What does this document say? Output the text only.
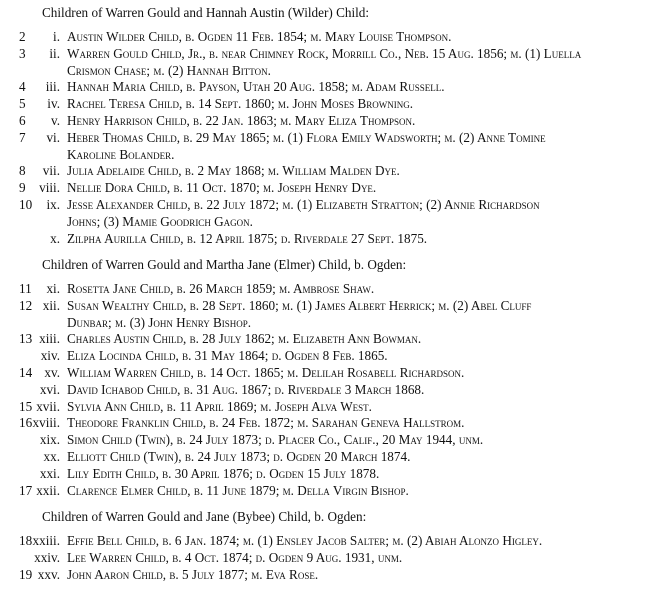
Children of Warren Gould and Hannah Austin (Wilder) Child:
2	i. Austin Wilder Child, b. Ogden 11 Feb. 1854; m. Mary Louise Thompson.
3	ii. Warren Gould Child, Jr., b. near Chimney Rock, Morrill Co., Neb. 15 Aug. 1856; m. (1) Luella
Crismon Chase; m. (2) Hannah Bitton.
4	iii. Hannah Maria Child, b. Payson, Utah 20 Aug. 1858; m. Adam Russell.
5	iv. Rachel Teresa Child, b. 14 Sept. 1860; m. John Moses Browning.
6	v. Henry Harrison Child, b. 22 Jan. 1863; m. Mary Eliza Thompson.
7	vi. Heber Thomas Child, b. 29 May 1865; m. (1) Flora Emily Wadsworth; m. (2) Anne Tomine
Karoline Bolander.
8	vii. Julia Adelaide Child, b. 2 May 1868; m. William Malden Dye.
9	viii. Nellie Dora Child, b. 11 Oct. 1870; m. Joseph Henry Dye.
10	ix. Jesse Alexander Child, b. 22 July 1872; m. (1) Elizabeth Stratton; (2) Annie Richardson
Johns; (3) Mamie Goodrich Gagon.
x. Zilpha Aurilla Child, b. 12 April 1875; d. Riverdale 27 Sept. 1875.
Children of Warren Gould and Martha Jane (Elmer) Child, b. Ogden:
11	xi. Rosetta Jane Child, b. 26 March 1859; m. Ambrose Shaw.
12 xii. Susan Wealthy Child, b. 28 Sept. 1860; m. (1) James Albert Herrick; m. (2) Abel Cluff
Dunbar; m. (3) John Henry Bishop.
13 xiii. Charles Austin Child, b. 28 July 1862; m. Elizabeth Ann Bowman.
xiv. Eliza Locinda Child, b. 31 May 1864; d. Ogden 8 Feb. 1865.
14 xv. William Warren Child, b. 14 Oct. 1865; m. Delilah Rosabell Richardson.
xvi. David Ichabod Child, b. 31 Aug. 1867; d. Riverdale 3 March 1868.
15 xvii. Sylvia Ann Child, b. 11 April 1869; m. Joseph Alva West.
16 xviii. Theodore Franklin Child, b. 24 Feb. 1872; m. Sarahan Geneva Hallstrom.
xix. Simon Child (Twin), b. 24 July 1873; d. Placer Co., Calif., 20 May 1944, unm.
xx. Elliott Child (Twin), b. 24 July 1873; d. Ogden 20 March 1874.
xxi. Lily Edith Child, b. 30 April 1876; d. Ogden 15 July 1878.
17 xxii. Clarence Elmer Child, b. 11 June 1879; m. Della Virgin Bishop.
Children of Warren Gould and Jane (Bybee) Child, b. Ogden:
18 xxiii. Effie Bell Child, b. 6 Jan. 1874; m. (1) Ensley Jacob Salter; m. (2) Abiah Alonzo Higley.
xxiv. Lee Warren Child, b. 4 Oct. 1874; d. Ogden 9 Aug. 1931, unm.
19 xxv. John Aaron Child, b. 5 July 1877; m. Eva Rose.
